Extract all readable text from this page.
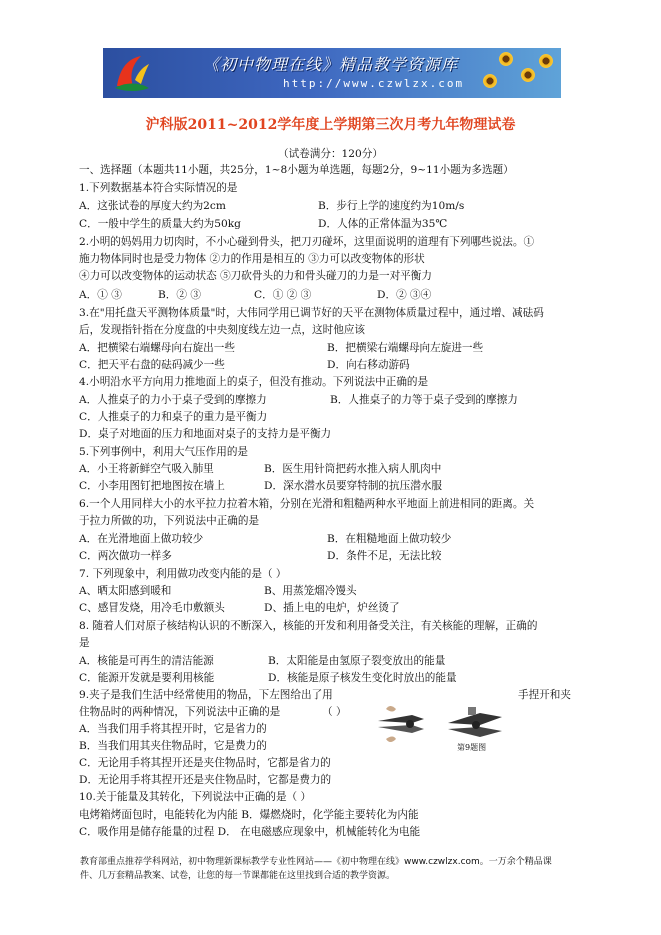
《初中物理在线》精品教学资源库
http://www.czwlzx.com
沪科版2011~2012学年度上学期第三次月考九年物理试卷
（试卷满分：120分）
一、选择题（本题共11小题，共25分，1~8小题为单选题，每题2分，9~11小题为多选题）
1.下列数据基本符合实际情况的是
A．这张试卷的厚度大约为2cm	B．步行上学的速度约为10m/s
C．一般中学生的质量大约为50kg	D．人体的正常体温为35℃
2.小明的妈妈用力切肉时，不小心碰到骨头，把刀刃碰坏，这里面说明的道理有下列哪些说法。①
施力物体同时也是受力物体 ②力的作用是相互的 ③力可以改变物体的形状
④力可以改变物体的运动状态 ⑤刀砍骨头的力和骨头碰刀的力是一对平衡力
A．① ③	B．② ③	C．① ② ③	D．② ③④
3.在"用托盘天平测物体质量"时，大伟同学用已调节好的天平在测物体质量过程中，通过增、减砝码
后，发现指针指在分度盘的中央刻度线左边一点，这时他应该
A．把横梁右端螺母向右旋出一些	B．把横梁右端螺母向左旋进一些
C．把天平右盘的砝码减少一些	D．向右移动游码
4.小明沿水平方向用力推地面上的桌子，但没有推动。下列说法中正确的是
A．人推桌子的力小于桌子受到的摩擦力	B．人推桌子的力等于桌子受到的摩擦力
C．人推桌子的力和桌子的重力是平衡力
D．桌子对地面的压力和地面对桌子的支持力是平衡力
5.下列事例中，利用大气压作用的是
A．小王将新鲜空气吸入肺里	B．医生用针筒把药水推入病人肌肉中
C．小李用图钉把地图按在墙上	D．深水潜水员要穿特制的抗压潜水服
6.一个人用同样大小的水平拉力拉着木箱，分别在光滑和粗糙两种水平地面上前进相同的距离。关
于拉力所做的功，下列说法中正确的是
A．在光滑地面上做功较少	B．在粗糙地面上做功较少
C．两次做功一样多	D．条件不足，无法比较
7. 下列现象中，利用做功改变内能的是（ ）
A、晒太阳感到暖和	B、用蒸笼熘冷馒头
C、感冒发烧，用冷毛巾敷额头	D、插上电的电炉，炉丝烫了
8. 随着人们对原子核结构认识的不断深入，核能的开发和利用备受关注，有关核能的理解，正确的
是
A．核能是可再生的清洁能源	B．太阳能是由氢原子裂变放出的能量
C．能源开发就是要利用核能	D．核能是原子核发生变化时放出的能量
9.夹子是我们生活中经常使用的物品，下左图给出了用	手捏开和夹
住物品时的两种情况，下列说法中正确的是	（ ）
A．当我们用手将其捏开时，它是省力的
B．当我们用其夹住物品时，它是费力的
C．无论用手将其捏开还是夹住物品时，它都是省力的
D．无论用手将其捏开还是夹住物品时，它都是费力的
10.关于能量及其转化，下列说法中正确的是（ ）
电烤箱烤面包时，电能转化为内能 B．爆燃烧时，化学能主要转化为内能
C．吸作用是储存能量的过程 D． 在电磁感应现象中，机械能转化为电能
第9题图
教育部重点推荐学科网站，初中物理新课标教学专业性网站——《初中物理在线》www.czwlzx.com。一万余个精品课
件、几万套精品教案、试卷，让您的每一节课都能在这里找到合适的教学资源。
